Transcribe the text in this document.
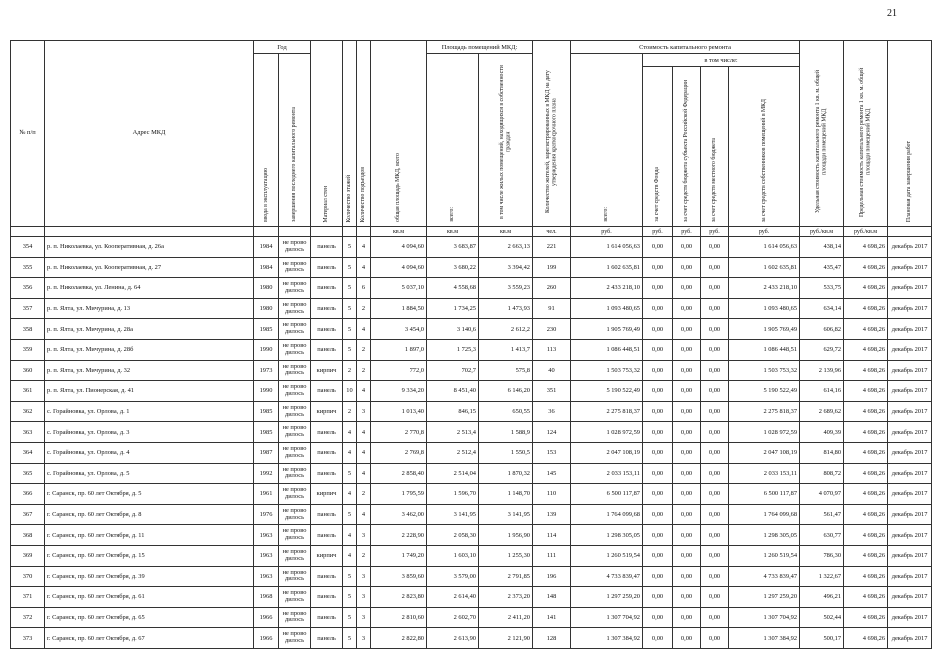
21
№ п/п	Адрес МКД	Год		Материал стен	Количество этажей	Количество подъездов	общая площадь МКД, всего	Площадь помещений МКД:		Количество жителей, зарегистрированных в МКД на дату утверждения краткосрочного плана	Стоимость капитального ремонта					Удельная стоимость капитального ремонта 1 кв. м. общей площади помещений МКД	Предельная стоимость капитального ремонта 1 кв. м. общей площади помещений МКД	Плановая дата завершения работ

		ввода в эксплуатацию	завершения последнего капитального ремонта					всего:	в том числе жилых помещений, находящихся в собственности граждан		всего:	в том числе:						

												за счет средств Фонда	за счет средств бюджета субъекта Российской Федерации	за счет средств местного бюджета	за счет средств собственников помещений в МКД			

							кв.м	кв.м	кв.м	чел.	руб.	руб.	руб.	руб.	руб.	руб./кв.м	руб./кв.м	
354	р. п. Николаевка, ул. Кооперативная, д. 26а	1984	не прово дилось	панель	5	4	4 094,60	3 683,87	2 663,13	221	1 614 056,63	0,00	0,00	0,00	1 614 056,63	438,14	4 698,26	декабрь 2017
355	р. п. Николаевка, ул. Кооперативная, д. 27	1984	не прово дилось	панель	5	4	4 094,60	3 680,22	3 394,42	199	1 602 635,81	0,00	0,00	0,00	1 602 635,81	435,47	4 698,26	декабрь 2017
356	р. п. Николаевка, ул. Ленина, д. 64	1980	не прово дилось	панель	5	6	5 037,10	4 558,68	3 559,23	260	2 433 218,10	0,00	0,00	0,00	2 433 218,10	533,75	4 698,26	декабрь 2017
357	р. п. Ялта, ул. Мичурина, д. 13	1980	не прово дилось	панель	5	2	1 884,50	1 734,25	1 473,93	91	1 093 480,65	0,00	0,00	0,00	1 093 480,65	634,14	4 698,26	декабрь 2017
358	р. п. Ялта, ул. Мичурина, д. 28а	1985	не прово дилось	панель	5	4	3 454,0	3 140,6	2 612,2	230	1 905 769,49	0,00	0,00	0,00	1 905 769,49	606,82	4 698,26	декабрь 2017
359	р. п. Ялта, ул. Мичурина, д. 28б	1990	не прово дилось	панель	5	2	1 897,0	1 725,3	1 413,7	113	1 086 448,51	0,00	0,00	0,00	1 086 448,51	629,72	4 698,26	декабрь 2017
360	р. п. Ялта, ул. Мичурина, д. 32	1973	не прово дилось	кирпич	2	2	772,0	702,7	575,8	40	1 503 753,32	0,00	0,00	0,00	1 503 753,32	2 139,96	4 698,26	декабрь 2017
361	р. п. Ялта, ул. Пионерская, д. 41	1990	не прово дилось	панель	10	4	9 334,20	8 451,40	6 146,20	351	5 190 522,49	0,00	0,00	0,00	5 190 522,49	614,16	4 698,26	декабрь 2017
362	с. Горайновка, ул. Орлова, д. 1	1985	не прово дилось	кирпич	2	3	1 013,40	846,15	650,55	36	2 275 818,37	0,00	0,00	0,00	2 275 818,37	2 689,62	4 698,26	декабрь 2017
363	с. Горайновка, ул. Орлова, д. 3	1985	не прово дилось	панель	4	4	2 770,8	2 513,4	1 588,9	124	1 028 972,59	0,00	0,00	0,00	1 028 972,59	409,39	4 698,26	декабрь 2017
364	с. Горайновка, ул. Орлова, д. 4	1987	не прово дилось	панель	4	4	2 769,8	2 512,4	1 550,5	153	2 047 108,19	0,00	0,00	0,00	2 047 108,19	814,80	4 698,26	декабрь 2017
365	с. Горайновка, ул. Орлова, д. 5	1992	не прово дилось	панель	5	4	2 858,40	2 514,04	1 870,32	145	2 033 153,11	0,00	0,00	0,00	2 033 153,11	808,72	4 698,26	декабрь 2017
366	г. Саранск, пр. 60 лет Октября, д. 5	1961	не прово дилось	кирпич	4	2	1 795,59	1 596,70	1 148,70	110	6 500 117,87	0,00	0,00	0,00	6 500 117,87	4 070,97	4 698,26	декабрь 2017
367	г. Саранск, пр. 60 лет Октября, д. 8	1976	не прово дилось	панель	5	4	3 462,00	3 141,95	3 141,95	139	1 764 099,68	0,00	0,00	0,00	1 764 099,68	561,47	4 698,26	декабрь 2017
368	г. Саранск, пр. 60 лет Октября, д. 11	1963	не прово дилось	панель	4	3	2 228,90	2 058,30	1 956,90	114	1 298 305,05	0,00	0,00	0,00	1 298 305,05	630,77	4 698,26	декабрь 2017
369	г. Саранск, пр. 60 лет Октября, д. 15	1963	не прово дилось	кирпич	4	2	1 749,20	1 603,10	1 255,30	111	1 260 519,54	0,00	0,00	0,00	1 260 519,54	786,30	4 698,26	декабрь 2017
370	г. Саранск, пр. 60 лет Октября, д. 39	1963	не прово дилось	панель	5	3	3 859,60	3 579,00	2 791,85	196	4 733 839,47	0,00	0,00	0,00	4 733 839,47	1 322,67	4 698,26	декабрь 2017
371	г. Саранск, пр. 60 лет Октября, д. 61	1968	не прово дилось	панель	5	3	2 823,80	2 614,40	2 373,20	148	1 297 259,20	0,00	0,00	0,00	1 297 259,20	496,21	4 698,26	декабрь 2017
372	г. Саранск, пр. 60 лет Октября, д. 65	1966	не прово дилось	панель	5	3	2 810,60	2 602,70	2 411,20	141	1 307 704,92	0,00	0,00	0,00	1 307 704,92	502,44	4 698,26	декабрь 2017
373	г. Саранск, пр. 60 лет Октября, д. 67	1966	не прово дилось	панель	5	3	2 822,80	2 613,90	2 121,90	128	1 307 384,92	0,00	0,00	0,00	1 307 384,92	500,17	4 698,26	декабрь 2017
